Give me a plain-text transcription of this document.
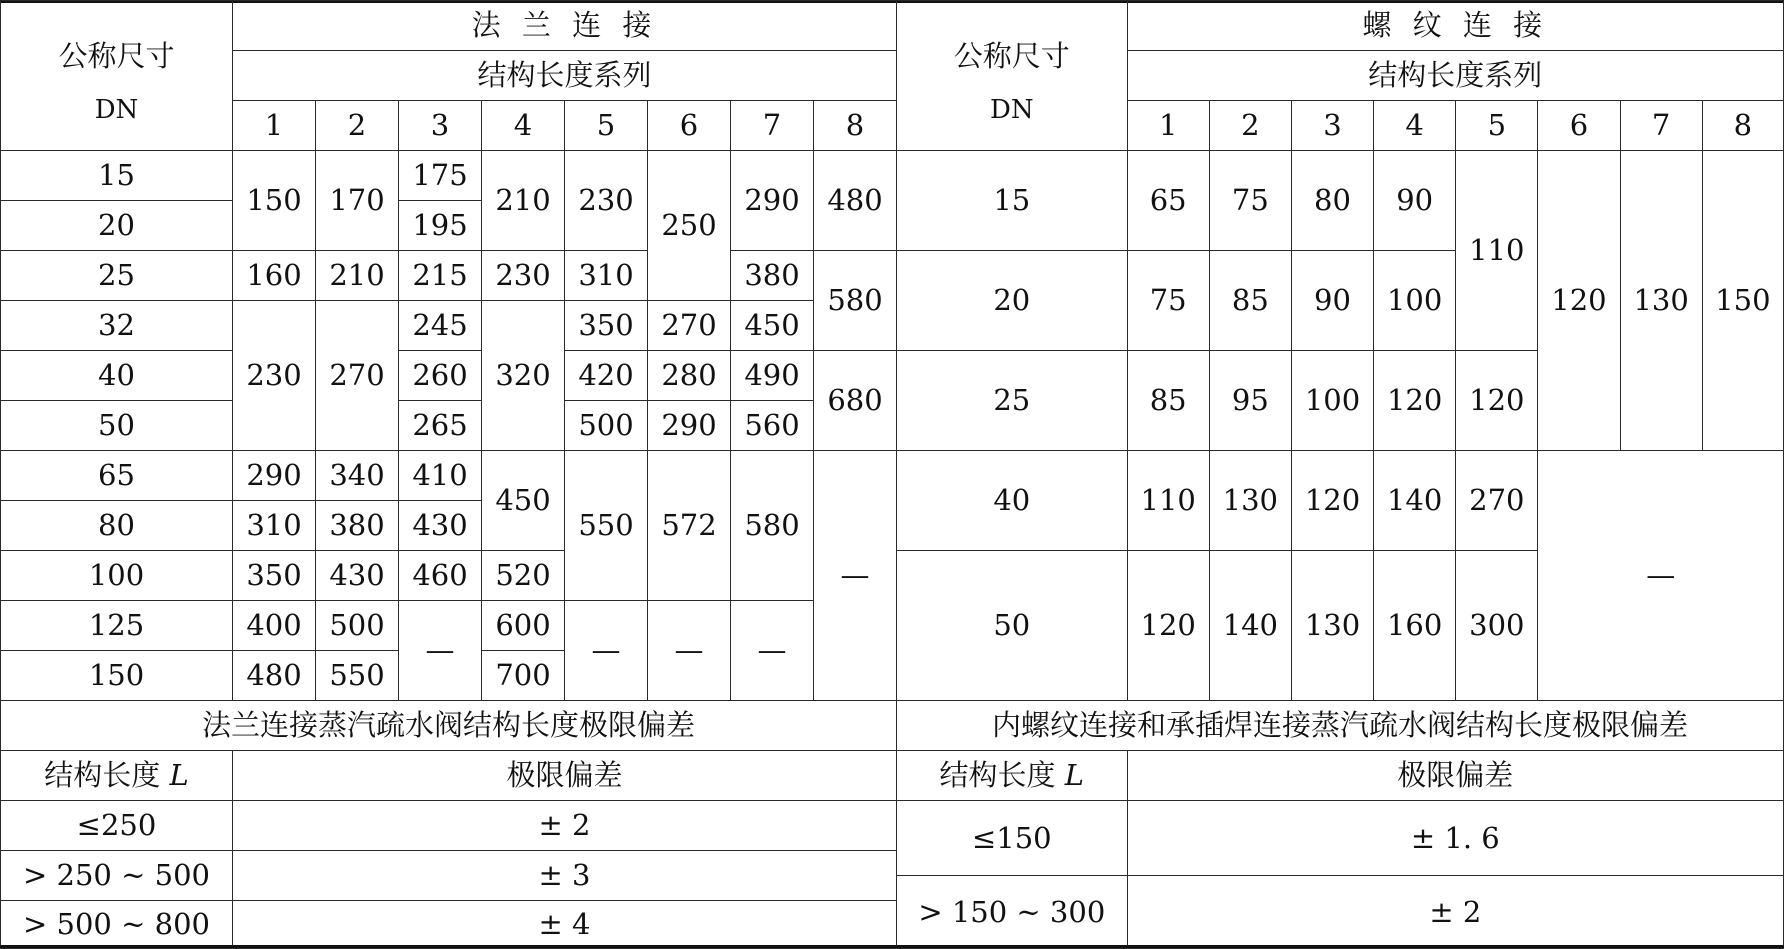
公称尺寸
DN	法 兰 连 接							
	结构长度系列							
	1	2	3	4	5	6	7	8
15	150	170	175	210	230	250	290	480
20			195					
25	160	210	215	230	310		380	580
32	230	270	245	320	350	270	450	
40			260		420	280	490	680
50			265		500	290	560	
65	290	340	410	450	550	572	580	—
80	310	380	430					
100	350	430	460	520				
125	400	500	—	600	—	—	—	
150	480	550		700				
法兰连接蒸汽疏水阀结构长度极限偏差								
结构长度 L	极限偏差							
≤250	± 2							
> 250 ~ 500	± 3							
> 500 ~ 800	± 4							
公称尺寸
DN	螺 纹 连 接							
	结构长度系列							
	1	2	3	4	5	6	7	8
15	65	75	80	90	110	120	130	150
20	75	85	90	100				
25	85	95	100	120	120			
40	110	130	120	140	270	—		
50	120	140	130	160	300			
内螺纹连接和承插焊连接蒸汽疏水阀结构长度极限偏差								
结构长度 L	极限偏差							
≤150	± 1. 6							
> 150 ~ 300	± 2							
